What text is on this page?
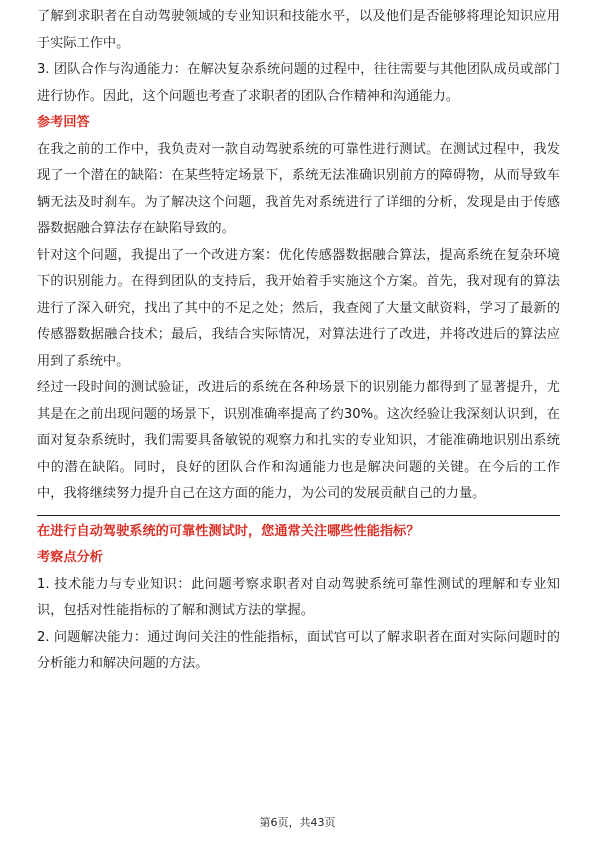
了解到求职者在自动驾驶领域的专业知识和技能水平，以及他们是否能够将理论知识应用于实际工作中。

3. 团队合作与沟通能力：在解决复杂系统问题的过程中，往往需要与其他团队成员或部门进行协作。因此，这个问题也考查了求职者的团队合作精神和沟通能力。

参考回答

在我之前的工作中，我负责对一款自动驾驶系统的可靠性进行测试。在测试过程中，我发现了一个潜在的缺陷：在某些特定场景下，系统无法准确识别前方的障碍物，从而导致车辆无法及时刹车。为了解决这个问题，我首先对系统进行了详细的分析，发现是由于传感器数据融合算法存在缺陷导致的。

针对这个问题，我提出了一个改进方案：优化传感器数据融合算法，提高系统在复杂环境下的识别能力。在得到团队的支持后，我开始着手实施这个方案。首先，我对现有的算法进行了深入研究，找出了其中的不足之处；然后，我查阅了大量文献资料，学习了最新的传感器数据融合技术；最后，我结合实际情况，对算法进行了改进，并将改进后的算法应用到了系统中。

经过一段时间的测试验证，改进后的系统在各种场景下的识别能力都得到了显著提升，尤其是在之前出现问题的场景下，识别准确率提高了约30%。这次经验让我深刻认识到，在面对复杂系统时，我们需要具备敏锐的观察力和扎实的专业知识，才能准确地识别出系统中的潜在缺陷。同时，良好的团队合作和沟通能力也是解决问题的关键。在今后的工作中，我将继续努力提升自己在这方面的能力，为公司的发展贡献自己的力量。

在进行自动驾驶系统的可靠性测试时，您通常关注哪些性能指标？

考察点分析

1. 技术能力与专业知识：此问题考察求职者对自动驾驶系统可靠性测试的理解和专业知识，包括对性能指标的了解和测试方法的掌握。

2. 问题解决能力：通过询问关注的性能指标，面试官可以了解求职者在面对实际问题时的分析能力和解决问题的方法。

第6页，共43页
